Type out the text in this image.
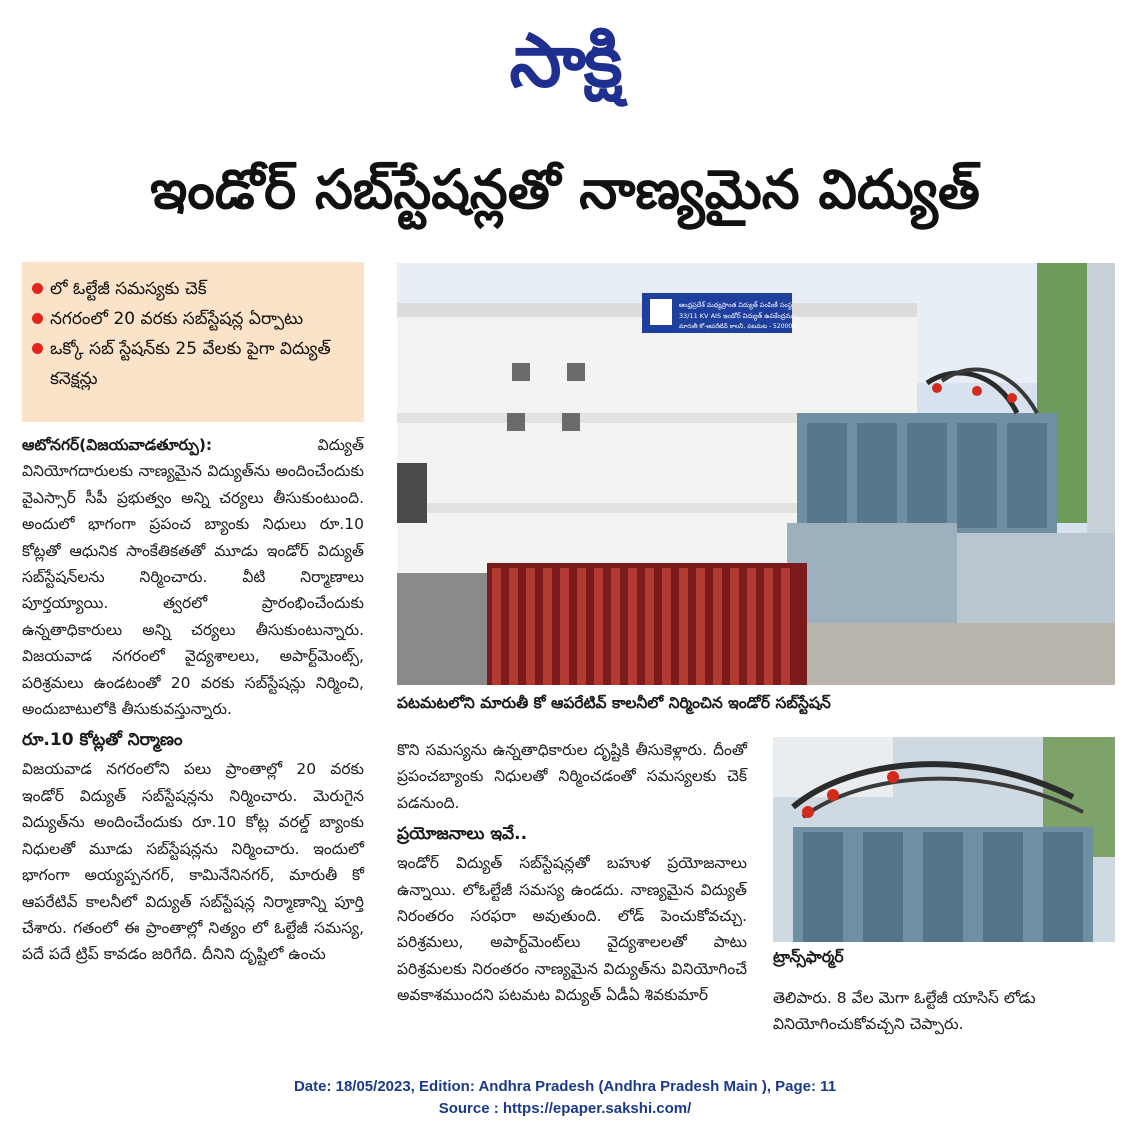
సాక్షి
ఇండోర్‌ సబ్‌స్టేషన్లతో నాణ్యమైన విద్యుత్‌
లో ఓల్టేజీ సమస్యకు చెక్‌
నగరంలో 20 వరకు సబ్‌స్టేషన్ల ఏర్పాటు
ఒక్కో సబ్‌ స్టేషన్‌కు 25 వేలకు పైగా విద్యుత్‌ కనెక్షన్లు

ఆటోనగర్‌(విజయవాడతూర్పు):	విద్యుత్‌ వినియోగదారులకు నాణ్యమైన విద్యుత్‌ను అందించేందుకు వైఎస్సార్‌ సీపీ ప్రభుత్వం అన్ని చర్యలు తీసుకుంటుంది. అందులో భాగంగా ప్రపంచ బ్యాంకు నిధులు రూ.10 కోట్లతో ఆధునిక సాంకేతికతతో మూడు ఇండోర్‌ విద్యుత్‌ సబ్‌స్టేషన్‌లను నిర్మించారు. వీటి నిర్మాణాలు పూర్తయ్యాయి. త్వరలో ప్రారంభించేందుకు ఉన్నతాధికారులు అన్ని చర్యలు తీసుకుంటున్నారు. విజయవాడ నగరంలో వైద్యశాలలు, అపార్ట్‌మెంట్స్‌, పరిశ్రమలు ఉండటంతో 20 వరకు సబ్‌స్టేషన్లు నిర్మించి, అందుబాటులోకి తీసుకువస్తున్నారు.

రూ.10 కోట్లతో నిర్మాణం

విజయవాడ నగరంలోని పలు ప్రాంతాల్లో 20 వరకు ఇండోర్‌ విద్యుత్‌ సబ్‌స్టేషన్లను నిర్మించారు. మెరుగైన విద్యుత్‌ను అందించేందుకు రూ.10 కోట్ల వరల్డ్‌ బ్యాంకు నిధులతో మూడు సబ్‌స్టేషన్లను నిర్మించారు. ఇందులో భాగంగా అయ్యప్పనగర్‌, కామినేనినగర్‌, మారుతీ కో ఆపరేటివ్‌ కాలనీలో విద్యుత్‌ సబ్‌స్టేషన్ల నిర్మాణాన్ని పూర్తి చేశారు. గతంలో ఈ ప్రాంతాల్లో నిత్యం లో ఓల్టేజీ సమస్య, పదే పదే ట్రిప్‌ కావడం జరిగేది. దీనిని దృష్టిలో ఉంచు

ఆంధ్రప్రదేశ్‌ మధ్యప్రాంత విద్యుత్‌ పంపిణీ సంస్థ
33/11 KV AIS ఇండోర్‌ విద్యుత్‌ ఉపకేంద్రము
మారుతీ కో-ఆపరేటివ్‌ కాలనీ, పటమట - 520008
పటమటలోని మారుతీ కో ఆపరేటివ్‌ కాలనీలో నిర్మించిన ఇండోర్‌ సబ్‌స్టేషన్‌

కొని సమస్యను ఉన్నతాధికారుల దృష్టికి తీసుకెళ్లారు. దీంతో ప్రపంచబ్యాంకు నిధులతో నిర్మించడంతో సమస్యలకు చెక్‌ పడనుంది.

ప్రయోజనాలు ఇవే..

ఇండోర్‌ విద్యుత్‌ సబ్‌స్టేషన్లతో బహుళ ప్రయోజనాలు ఉన్నాయి. లోఓల్టేజీ సమస్య ఉండదు. నాణ్యమైన విద్యుత్‌ నిరంతరం సరఫరా అవుతుంది. లోడ్‌ పెంచుకోవచ్చు. పరిశ్రమలు, అపార్ట్‌మెంట్‌లు వైద్యశాలలతో పాటు పరిశ్రమలకు నిరంతరం నాణ్యమైన విద్యుత్‌ను వినియోగించే అవకాశముందని పటమట విద్యుత్‌ ఏడీఏ శివకుమార్‌

ట్రాన్స్‌ఫార్మర్‌

తెలిపారు. 8 వేల మెగా ఓల్టేజీ యాసిస్‌ లోడు వినియోగించుకోవచ్చని చెప్పారు.

Date: 18/05/2023, Edition: Andhra Pradesh (Andhra Pradesh Main ), Page: 11
Source : https://epaper.sakshi.com/
